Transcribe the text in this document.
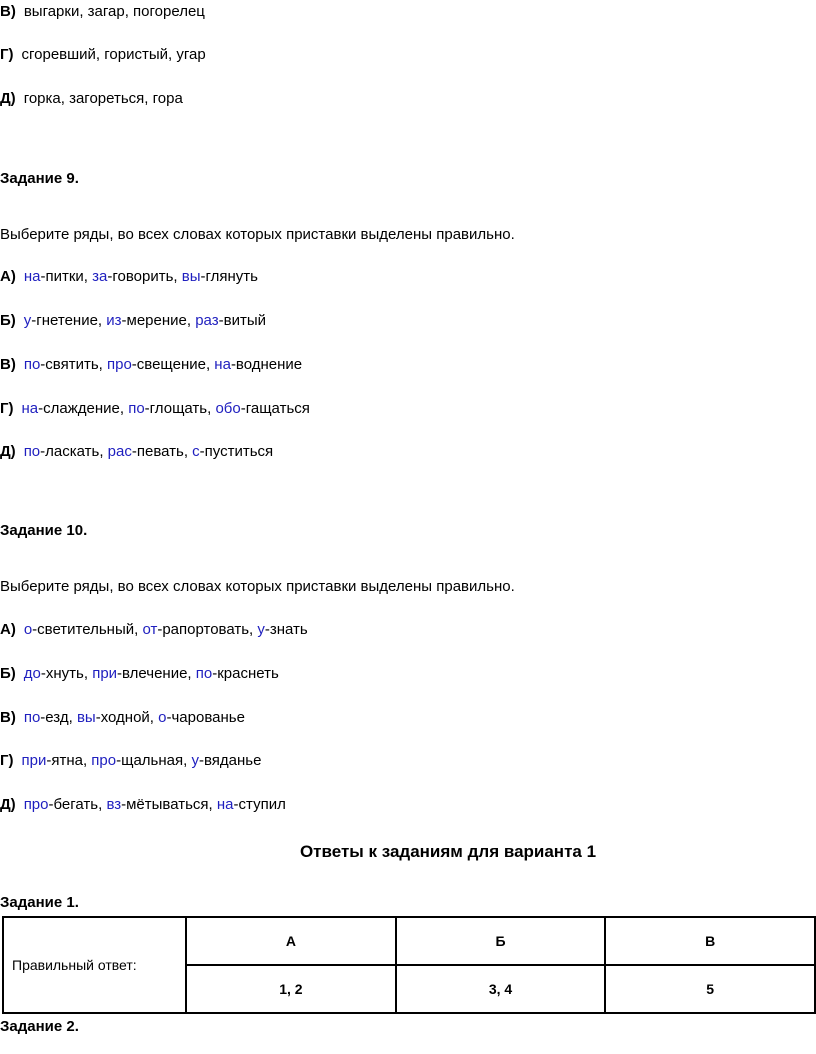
В) выгарки, загар, погорелец
Г) сгоревший, гористый, угар
Д) горка, загореться, гора
Задание 9.
Выберите ряды, во всех словах которых приставки выделены правильно.
А) на-питки, за-говорить, вы-глянуть
Б) у-гнетение, из-мерение, раз-витый
В) по-святить, про-свещение, на-воднение
Г) на-слаждение, по-глощать, обо-гащаться
Д) по-ласкать, рас-певать, с-пуститься
Задание 10.
Выберите ряды, во всех словах которых приставки выделены правильно.
А) о-светительный, от-рапортовать, у-знать
Б) до-хнуть, при-влечение, по-краснеть
В) по-езд, вы-ходной, о-чарованье
Г) при-ятна, про-щальная, у-вяданье
Д) про-бегать, вз-мётываться, на-ступил
Ответы к заданиям для варианта 1
Задание 1.
Правильный ответ:	А	Б	В
	1, 2	3, 4	5
Задание 2.
